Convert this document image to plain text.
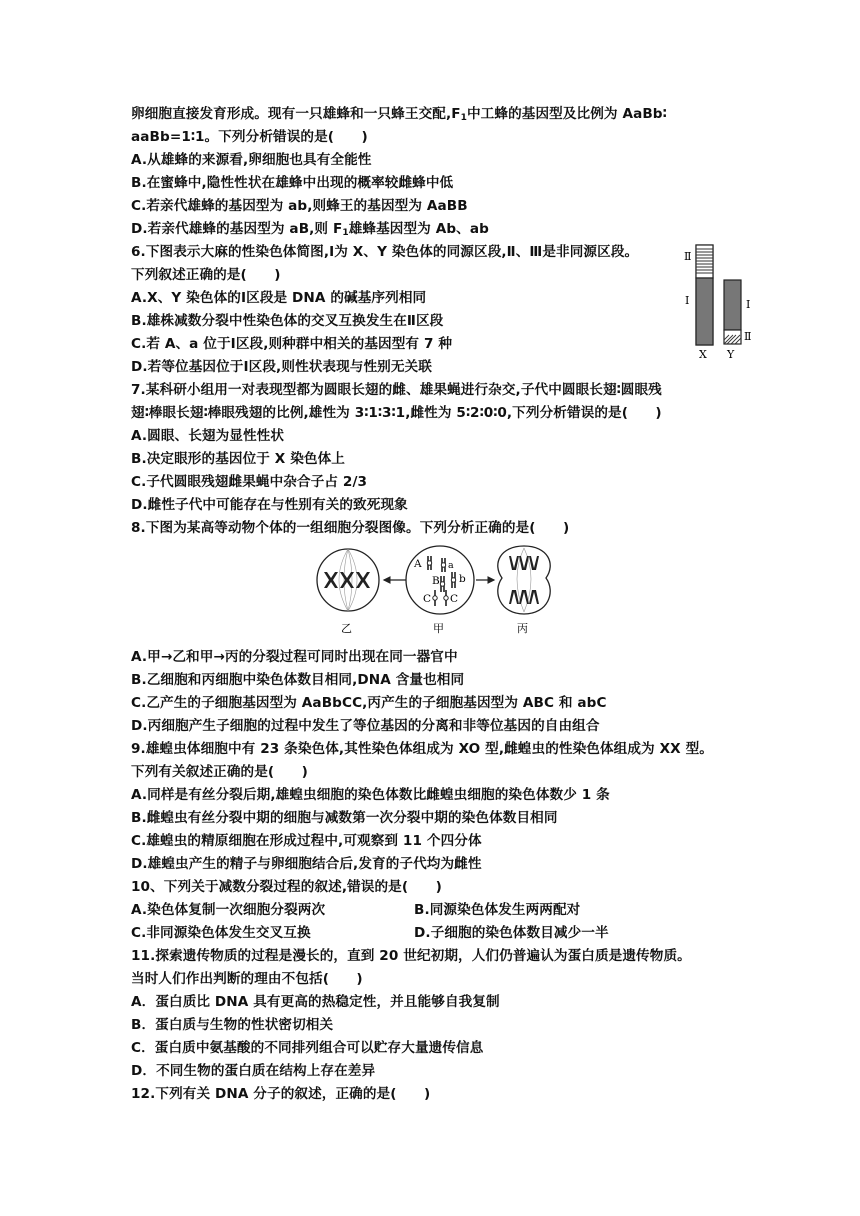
卵细胞直接发育形成。现有一只雄蜂和一只蜂王交配$,F_1$中工蜂的基因型及比例为 AaBb∶
aaBb=1∶1。下列分析错误的是(　　)
A.从雄蜂的来源看,卵细胞也具有全能性
B.在蜜蜂中,隐性性状在雄蜂中出现的概率较雌蜂中低
C.若亲代雄蜂的基因型为 ab,则蜂王的基因型为 AaBB
D.若亲代雄蜂的基因型为 aB,则 $F_1$雄蜂基因型为 Ab、ab
6.下图表示大麻的性染色体简图,Ⅰ为 X、Y 染色体的同源区段,Ⅱ、Ⅲ是非同源区段。
下列叙述正确的是(　　)
A.X、Y 染色体的Ⅰ区段是 DNA 的碱基序列相同
B.雄株减数分裂中性染色体的交叉互换发生在Ⅱ区段
C.若 A、a 位于Ⅰ区段,则种群中相关的基因型有 7 种
D.若等位基因位于Ⅰ区段,则性状表现与性别无关联
Ⅱ
Ⅰ	Ⅰ
Ⅱ
X Y
7.某科研小组用一对表现型都为圆眼长翅的雌、雄果蝇进行杂交,子代中圆眼长翅∶圆眼残
翅∶棒眼长翅∶棒眼残翅的比例,雄性为 3∶1∶3∶1,雌性为 5∶2∶0∶0,下列分析错误的是(　　)
A.圆眼、长翅为显性性状
B.决定眼形的基因位于 X 染色体上
C.子代圆眼残翅雌果蝇中杂合子占 2/3
D.雌性子代中可能存在与性别有关的致死现象
8.下图为某高等动物个体的一组细胞分裂图像。下列分析正确的是(　　)
A	a
B b
C C
乙	甲	丙
A.甲→乙和甲→丙的分裂过程可同时出现在同一器官中
B.乙细胞和丙细胞中染色体数目相同,DNA 含量也相同
C.乙产生的子细胞基因型为 AaBbCC,丙产生的子细胞基因型为 ABC 和 abC
D.丙细胞产生子细胞的过程中发生了等位基因的分离和非等位基因的自由组合
9.雄蝗虫体细胞中有 23 条染色体,其性染色体组成为 XO 型,雌蝗虫的性染色体组成为 XX 型。
下列有关叙述正确的是(　　)
A.同样是有丝分裂后期,雄蝗虫细胞的染色体数比雌蝗虫细胞的染色体数少 1 条
B.雌蝗虫有丝分裂中期的细胞与减数第一次分裂中期的染色体数目相同
C.雄蝗虫的精原细胞在形成过程中,可观察到 11 个四分体
D.雄蝗虫产生的精子与卵细胞结合后,发育的子代均为雌性
10、下列关于减数分裂过程的叙述,错误的是(　　)
A.染色体复制一次细胞分裂两次	B.同源染色体发生两两配对
C.非同源染色体发生交叉互换	D.子细胞的染色体数目减少一半
11.探索遗传物质的过程是漫长的，直到 20 世纪初期，人们仍普遍认为蛋白质是遗传物质。
当时人们作出判断的理由不包括(　　)
A．蛋白质比 DNA 具有更高的热稳定性，并且能够自我复制
B．蛋白质与生物的性状密切相关
C．蛋白质中氨基酸的不同排列组合可以贮存大量遗传信息
D．不同生物的蛋白质在结构上存在差异
12.下列有关 DNA 分子的叙述，正确的是(　　)
